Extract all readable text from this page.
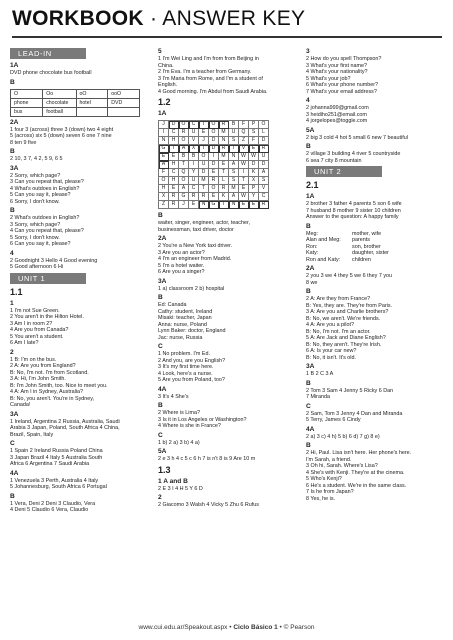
WORKBOOK · ANSWER KEY
LEAD-IN
1A
DVD phone chocolate bus football
B
O	Oo	oO	ooO
phone	chocolate	hotel	DVD
bus	football		
2A
1 four 3 (across) three 3 (down) two 4 eight
5 (across) six 5 (down) seven 6 one 7 nine
8 ten 9 five
B
2 10, 3 7, 4 2, 5 9, 6 5
3A
2 Sorry, which page?
3 Can you repeat that, please?
4 What's outdoes in English?
5 Can you say it, please?
6 Sorry, I don't know.
B
2 What's outdoes in English?
3 Sorry, which page?
4 Can you repeat that, please?
5 Sorry, I don't know.
6 Can you say it, please?
4
2 Goodnight 3 Hello 4 Good evening
5 Good afternoon 6 Hi
UNIT 1
1.1
1
1 I'm not Sue Green.
2 You aren't in the Hilton Hotel.
3 Am I in room 2?
4 Are you from Canada?
5 You aren't a student.
6 Am I late?
2
1 B: I'm on the bus.
2 A: Are you from England?
B: No, I'm not. I'm from Scotland.
3 A: Hi, I'm John Smith.
B: I'm John Smith, too. Nice to meet you.
4 A: Am I in Sydney, Australia?
B: No, you aren't. You're in Sydney,
Canada!
3A
1 Ireland, Argentina 2 Russia, Australia, Saudi
Arabia 3 Japan, Poland, South Africa 4 China,
Brazil, Spain, Italy
C
1 Spain 2 Ireland Russia Poland China
3 Japan Brazil 4 Italy 5 Australia South
Africa 6 Argentina 7 Saudi Arabia
4A
1 Venezuela 3 Perth, Australia 4 Italy
5 Johannesburg, South Africa 6 Portugal
B
1 Vera, Deni 2 Deni 3 Claudio, Vera
4 Deni 5 Claudio 6 Vera, Claudio
5
1 I'm Wei Ling and I'm from from Beijing in
China.
2 I'm Eva. I'm a teacher from Germany.
3 I'm Maria from Rome, and I'm a student of
English.
4 Good morning. I'm Abdul from Saudi Arabia.
1.2
1A
J	D	O	C	T	O	R	B	F	P	O
I	C	R	U	E	O	M	U	Q	S	L
N	H	O	V	J	D	N	S	Z	F	D
G	T	A	X	I	D	R	I	V	E	R
E	E	B	B	O	I	M	N	W	W	U
A	H	T	I	U	D	E	A	W	D	D
F	C	Q	Y	D	E	T	S	I	K	A
O	H	O	U	M	R	L	S	T	X	S
H	E	A	C	T	O	R	M	E	P	V
X	R	G	R	R	E	K	A	W	Y	C
Z	R	J	E	N	G	I	N	E	E	R
B
waiter, singer, engineer, actor, teacher,
businessman, taxi driver, doctor
2A
2 You're a New York taxi driver.
3 Are you an actor?
4 I'm an engineer from Madrid.
5 I'm a hotel waiter.
6 Are you a singer?
3A
1 a) classroom 2 b) hospital
B
Ed: Canada
Cathy: student, Ireland
Misaki: teacher, Japan
Anna: nurse, Poland
Lynn Baker: doctor, England
Jac: nurse, Russia
C
1 No problem. I'm Ed.
2 And you, are you English?
3 It's my first time here.
4 Look, here's a nurse.
5 Are you from Poland, too?
4A
3 It's 4 She's
B
2 Where is Lima?
3 Is it in Los Angeles or Washington?
4 Where is she in France?
C
1 b) 2 a) 3 b) 4 a)
5A
2 e 3 h 4 c 5 c 6 h 7 is n't 8 is 9 Are 10 m
1.3
1 A and B
2 E 3 I 4 H 5 Y 6 D
2
2 Giacomo 3 Walsh 4 Vicky 5 Zhu 6 Rufus
3
2 How do you spell Thompson?
3 What's your first name?
4 What's your nationality?
5 What's your job?
6 What's your phone number?
7 What's your email address?
4
2 johanna999@gmail.com
3 heidiho251@email.com
4 jorgelopes@toggle.com
5A
2 big 3 cold 4 hot 5 small 6 new 7 beautiful
B
2 village 3 building 4 river 5 countryside
6 sea 7 city 8 mountain
UNIT 2
2.1
1A
2 brother 3 father 4 parents 5 son 6 wife
7 husband 8 mother 9 sister 10 children
Answer to the question: A happy family
B
Meg:	mother, wife
Alan and Meg:	parents
Ron:	son, brother
Katy:	daughter, sister
Ron and Katy:	children
2A
2 you 3 we 4 they 5 we 6 they 7 you
8 we
B
2 A: Are they from France?
B: Yes, they are. They're from Paris.
3 A: Are you and Charlie brothers?
B: No, we aren't. We're friends.
4 A: Are you a pilot?
B: No, I'm not. I'm an actor.
5 A: Are Jack and Diane English?
B: No, they aren't. They're Irish.
6 A: Is your car new?
B: No, it isn't. It's old.
3A
1 B 2 C 3 A
B
2 Tom 3 Sam 4 Jenny 5 Ricky 6 Dan
7 Miranda
C
2 Sam, Tom 3 Jenny 4 Dan and Miranda
5 Terry, James 6 Cindy
4A
2 a) 3 c) 4 h) 5 b) 6 d) 7 g) 8 e)
B
2 Hi, Paul. Lisa isn't here. Her phone's here.
I'm Sarah, a friend.
3 Oh hi, Sarah. Where's Lisa?
4 She's with Kenji. They're at the cinema.
5 Who's Kenji?
6 He's a student. We're in the same class.
7 Is he from Japan?
8 Yes, he is.
www.cui.edu.ar/Speakout.aspx • Ciclo Básico 1 • © Pearson
